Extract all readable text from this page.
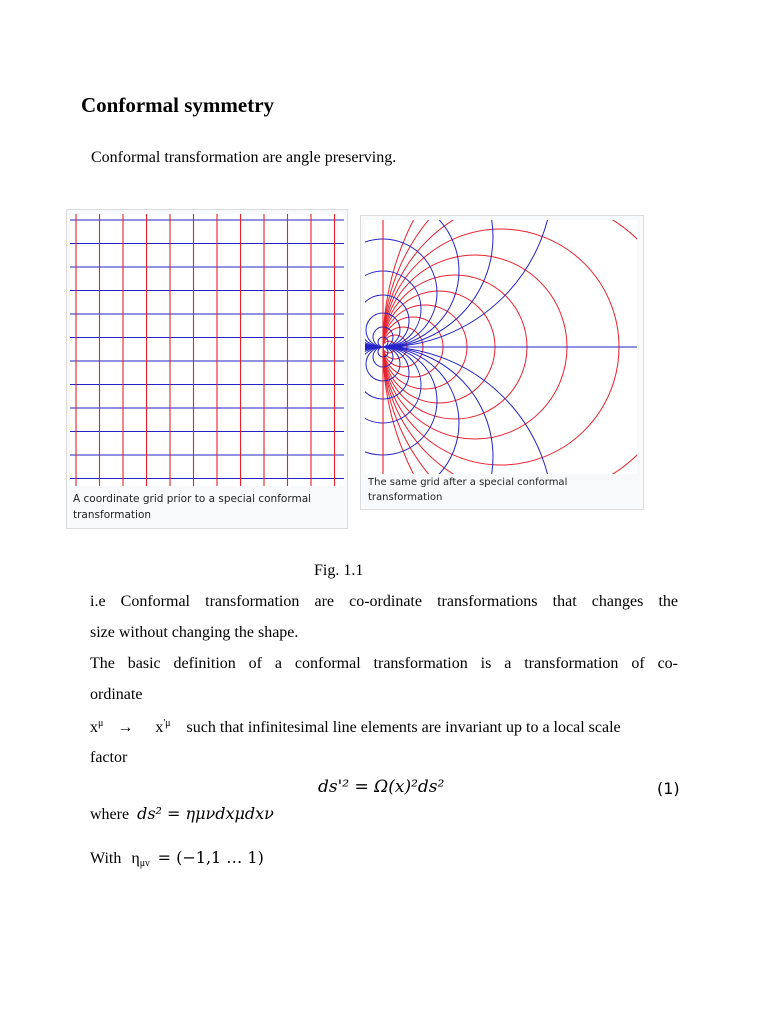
Conformal symmetry
Conformal transformation are angle preserving.
A coordinate grid prior to a special conformal transformation
The same grid after a special conformal transformation
Fig. 1.1
i.e Conformal transformation are co-ordinate transformations that changes the
size without changing the shape.
The basic definition of a conformal transformation is a transformation of co-
ordinate
$x^\mu \to x^{'\mu}$ such that infinitesimal line elements are invariant up to a local scale
factor
ds'² = Ω(x)²ds²	(1)
where ds² = ημνdxμdxν
With $\eta_{\mu\nu} = (-1,1$ … 1)
